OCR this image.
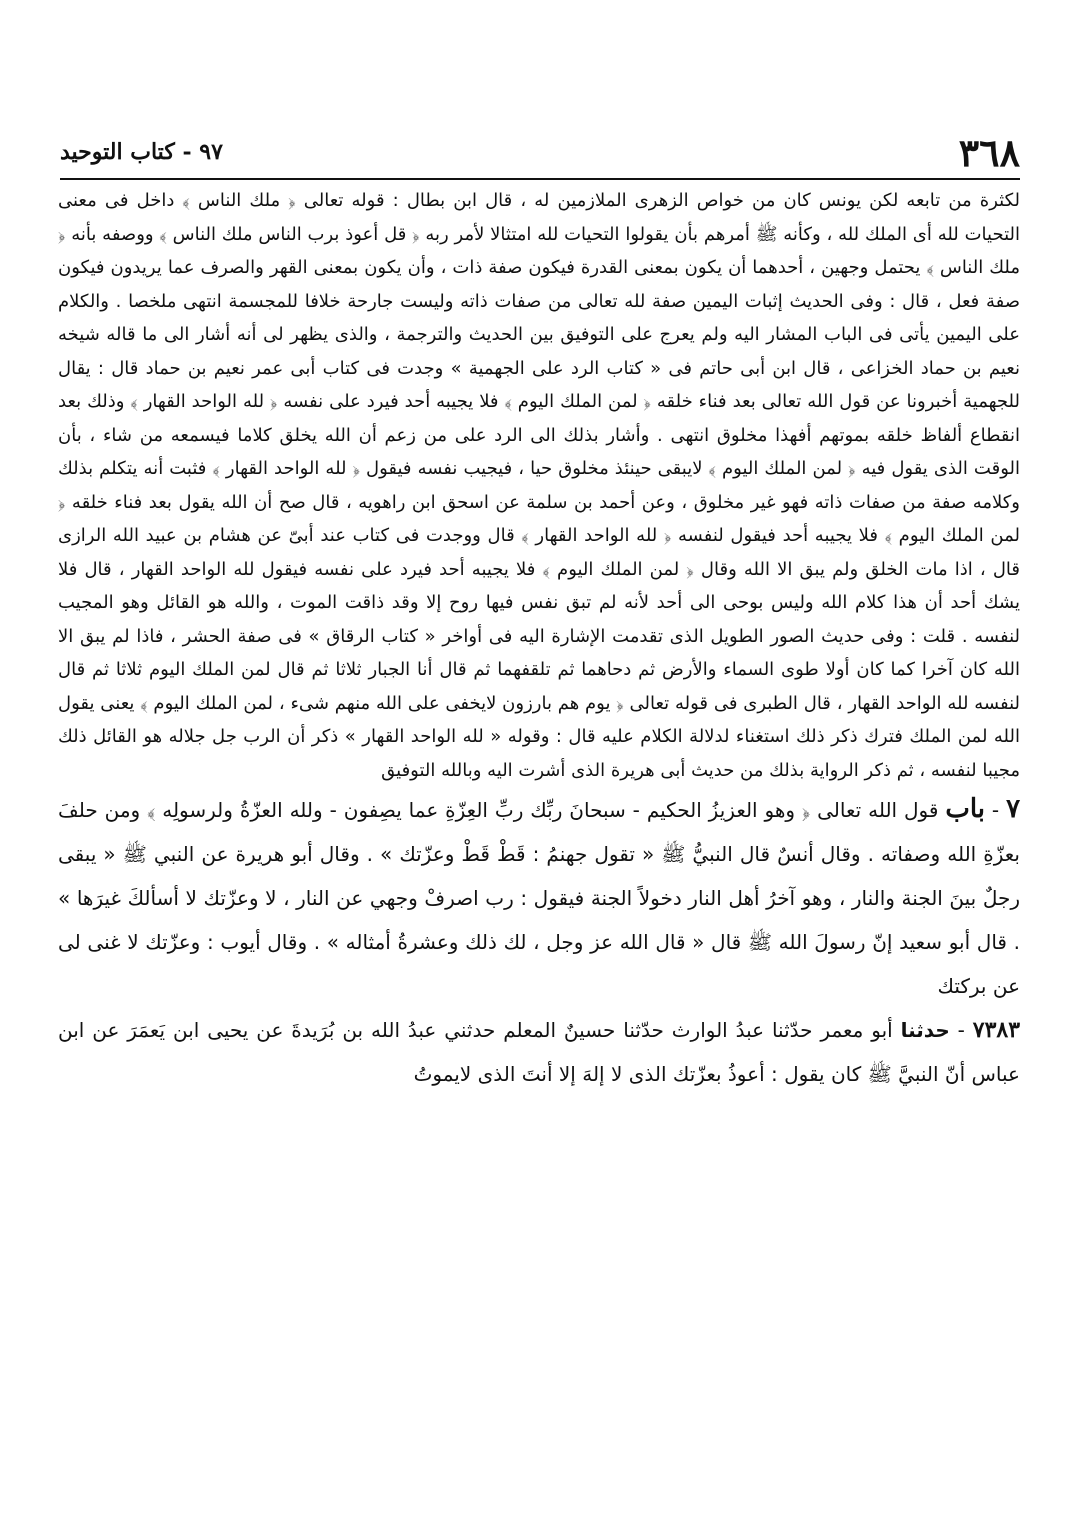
٣٦٨
٩٧ - كتاب التوحيد

لكثرة من تابعه لكن يونس كان من خواص الزهرى الملازمين له ، قال ابن بطال : قوله تعالى ﴿ ملك الناس ﴾ داخل فى معنى التحيات لله أى الملك لله ، وكأنه ﷺ أمرهم بأن يقولوا التحيات لله امتثالا لأمر ربه ﴿ قل أعوذ برب الناس ملك الناس ﴾ ووصفه بأنه ﴿ ملك الناس ﴾ يحتمل وجهين ، أحدهما أن يكون بمعنى القدرة فيكون صفة ذات ، وأن يكون بمعنى القهر والصرف عما يريدون فيكون صفة فعل ، قال : وفى الحديث إثبات اليمين صفة لله تعالى من صفات ذاته وليست جارحة خلافا للمجسمة انتهى ملخصا . والكلام على اليمين يأتى فى الباب المشار اليه ولم يعرج على التوفيق بين الحديث والترجمة ، والذى يظهر لى أنه أشار الى ما قاله شيخه نعيم بن حماد الخزاعى ، قال ابن أبى حاتم فى « كتاب الرد على الجهمية » وجدت فى كتاب أبى عمر نعيم بن حماد قال : يقال للجهمية أخبرونا عن قول الله تعالى بعد فناء خلقه ﴿ لمن الملك اليوم ﴾ فلا يجيبه أحد فيرد على نفسه ﴿ لله الواحد القهار ﴾ وذلك بعد انقطاع ألفاظ خلقه بموتهم أفهذا مخلوق انتهى . وأشار بذلك الى الرد على من زعم أن الله يخلق كلاما فيسمعه من شاء ، بأن الوقت الذى يقول فيه ﴿ لمن الملك اليوم ﴾ لايبقى حينئذ مخلوق حيا ، فيجيب نفسه فيقول ﴿ لله الواحد القهار ﴾ فثبت أنه يتكلم بذلك وكلامه صفة من صفات ذاته فهو غير مخلوق ، وعن أحمد بن سلمة عن اسحق ابن راهويه ، قال صح أن الله يقول بعد فناء خلقه ﴿ لمن الملك اليوم ﴾ فلا يجيبه أحد فيقول لنفسه ﴿ لله الواحد القهار ﴾ قال ووجدت فى كتاب عند أبىّ عن هشام بن عبيد الله الرازى قال ، اذا مات الخلق ولم يبق الا الله وقال ﴿ لمن الملك اليوم ﴾ فلا يجيبه أحد فيرد على نفسه فيقول لله الواحد القهار ، قال فلا يشك أحد أن هذا كلام الله وليس بوحى الى أحد لأنه لم تبق نفس فيها روح إلا وقد ذاقت الموت ، والله هو القائل وهو المجيب لنفسه . قلت : وفى حديث الصور الطويل الذى تقدمت الإشارة اليه فى أواخر « كتاب الرقاق » فى صفة الحشر ، فاذا لم يبق الا الله كان آخرا كما كان أولا طوى السماء والأرض ثم دحاهما ثم تلقفهما ثم قال أنا الجبار ثلاثا ثم قال لمن الملك اليوم ثلاثا ثم قال لنفسه لله الواحد القهار ، قال الطبرى فى قوله تعالى ﴿ يوم هم بارزون لايخفى على الله منهم شىء ، لمن الملك اليوم ﴾ يعنى يقول الله لمن الملك فترك ذكر ذلك استغناء لدلالة الكلام عليه قال : وقوله « لله الواحد القهار » ذكر أن الرب جل جلاله هو القائل ذلك مجيبا لنفسه ، ثم ذكر الرواية بذلك من حديث أبى هريرة الذى أشرت اليه وبالله التوفيق

٧ - باب قول الله تعالى ﴿ وهو العزيزُ الحكيم - سبحانَ ربِّك ربِّ العِزّةِ عما يصِفون - ولله العزّةُ ولرسولِه ﴾ ومن حلفَ بعزّةِ الله وصفاته . وقال أنسٌ قال النبيُّ ﷺ « تقول جهنمُ : قَطْ قَطْ وعزّتك » . وقال أبو هريرة عن النبي ﷺ « يبقى رجلٌ بينَ الجنة والنار ، وهو آخرُ أهل النار دخولاً الجنة فيقول : رب اصرفْ وجهي عن النار ، لا وعزّتك لا أسألكَ غيرَها » . قال أبو سعيد إنّ رسولَ الله ﷺ قال « قال الله عز وجل ، لك ذلك وعشرةُ أمثاله » . وقال أيوب : وعزّتك لا غنى لى عن بركتك

٧٣٨٣ - حدثنا أبو معمر حدّثنا عبدُ الوارث حدّثنا حسينٌ المعلم حدثني عبدُ الله بن بُرَيدةَ عن يحيى ابن يَعمَرَ عن ابن عباس أنّ النبيَّ ﷺ كان يقول : أعوذُ بعزّتك الذى لا إلهَ إلا أنتَ الذى لايموتُ
